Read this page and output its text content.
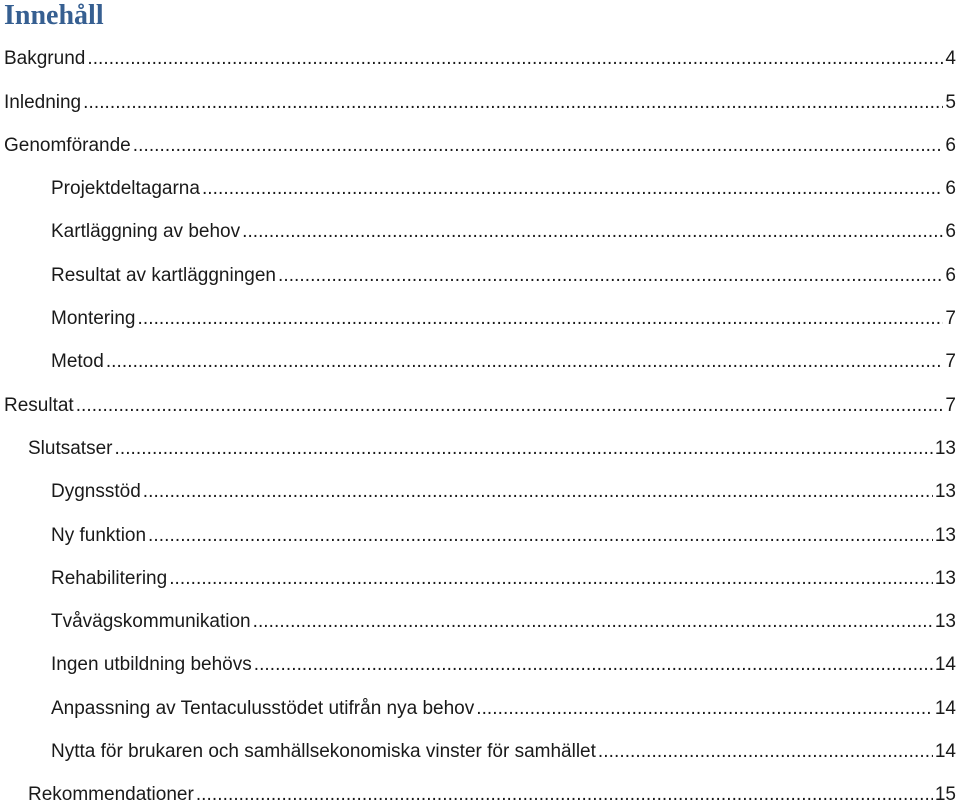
Innehåll
Bakgrund . . .	4
Inledning . . .	5
Genomförande . . .	6
Projektdeltagarna . . .	6
Kartläggning av behov . . .	6
Resultat av kartläggningen . . .	6
Montering . . .	7
Metod . . .	7
Resultat . . .	7
Slutsatser . . .	13
Dygnsstöd . . .	13
Ny funktion . . .	13
Rehabilitering . . .	13
Tvåvägskommunikation . . .	13
Ingen utbildning behövs . . .	14
Anpassning av Tentaculusstödet utifrån nya behov . . .	14
Nytta för brukaren och samhällsekonomiska vinster för samhället . . .	14
Rekommendationer . . .	15
